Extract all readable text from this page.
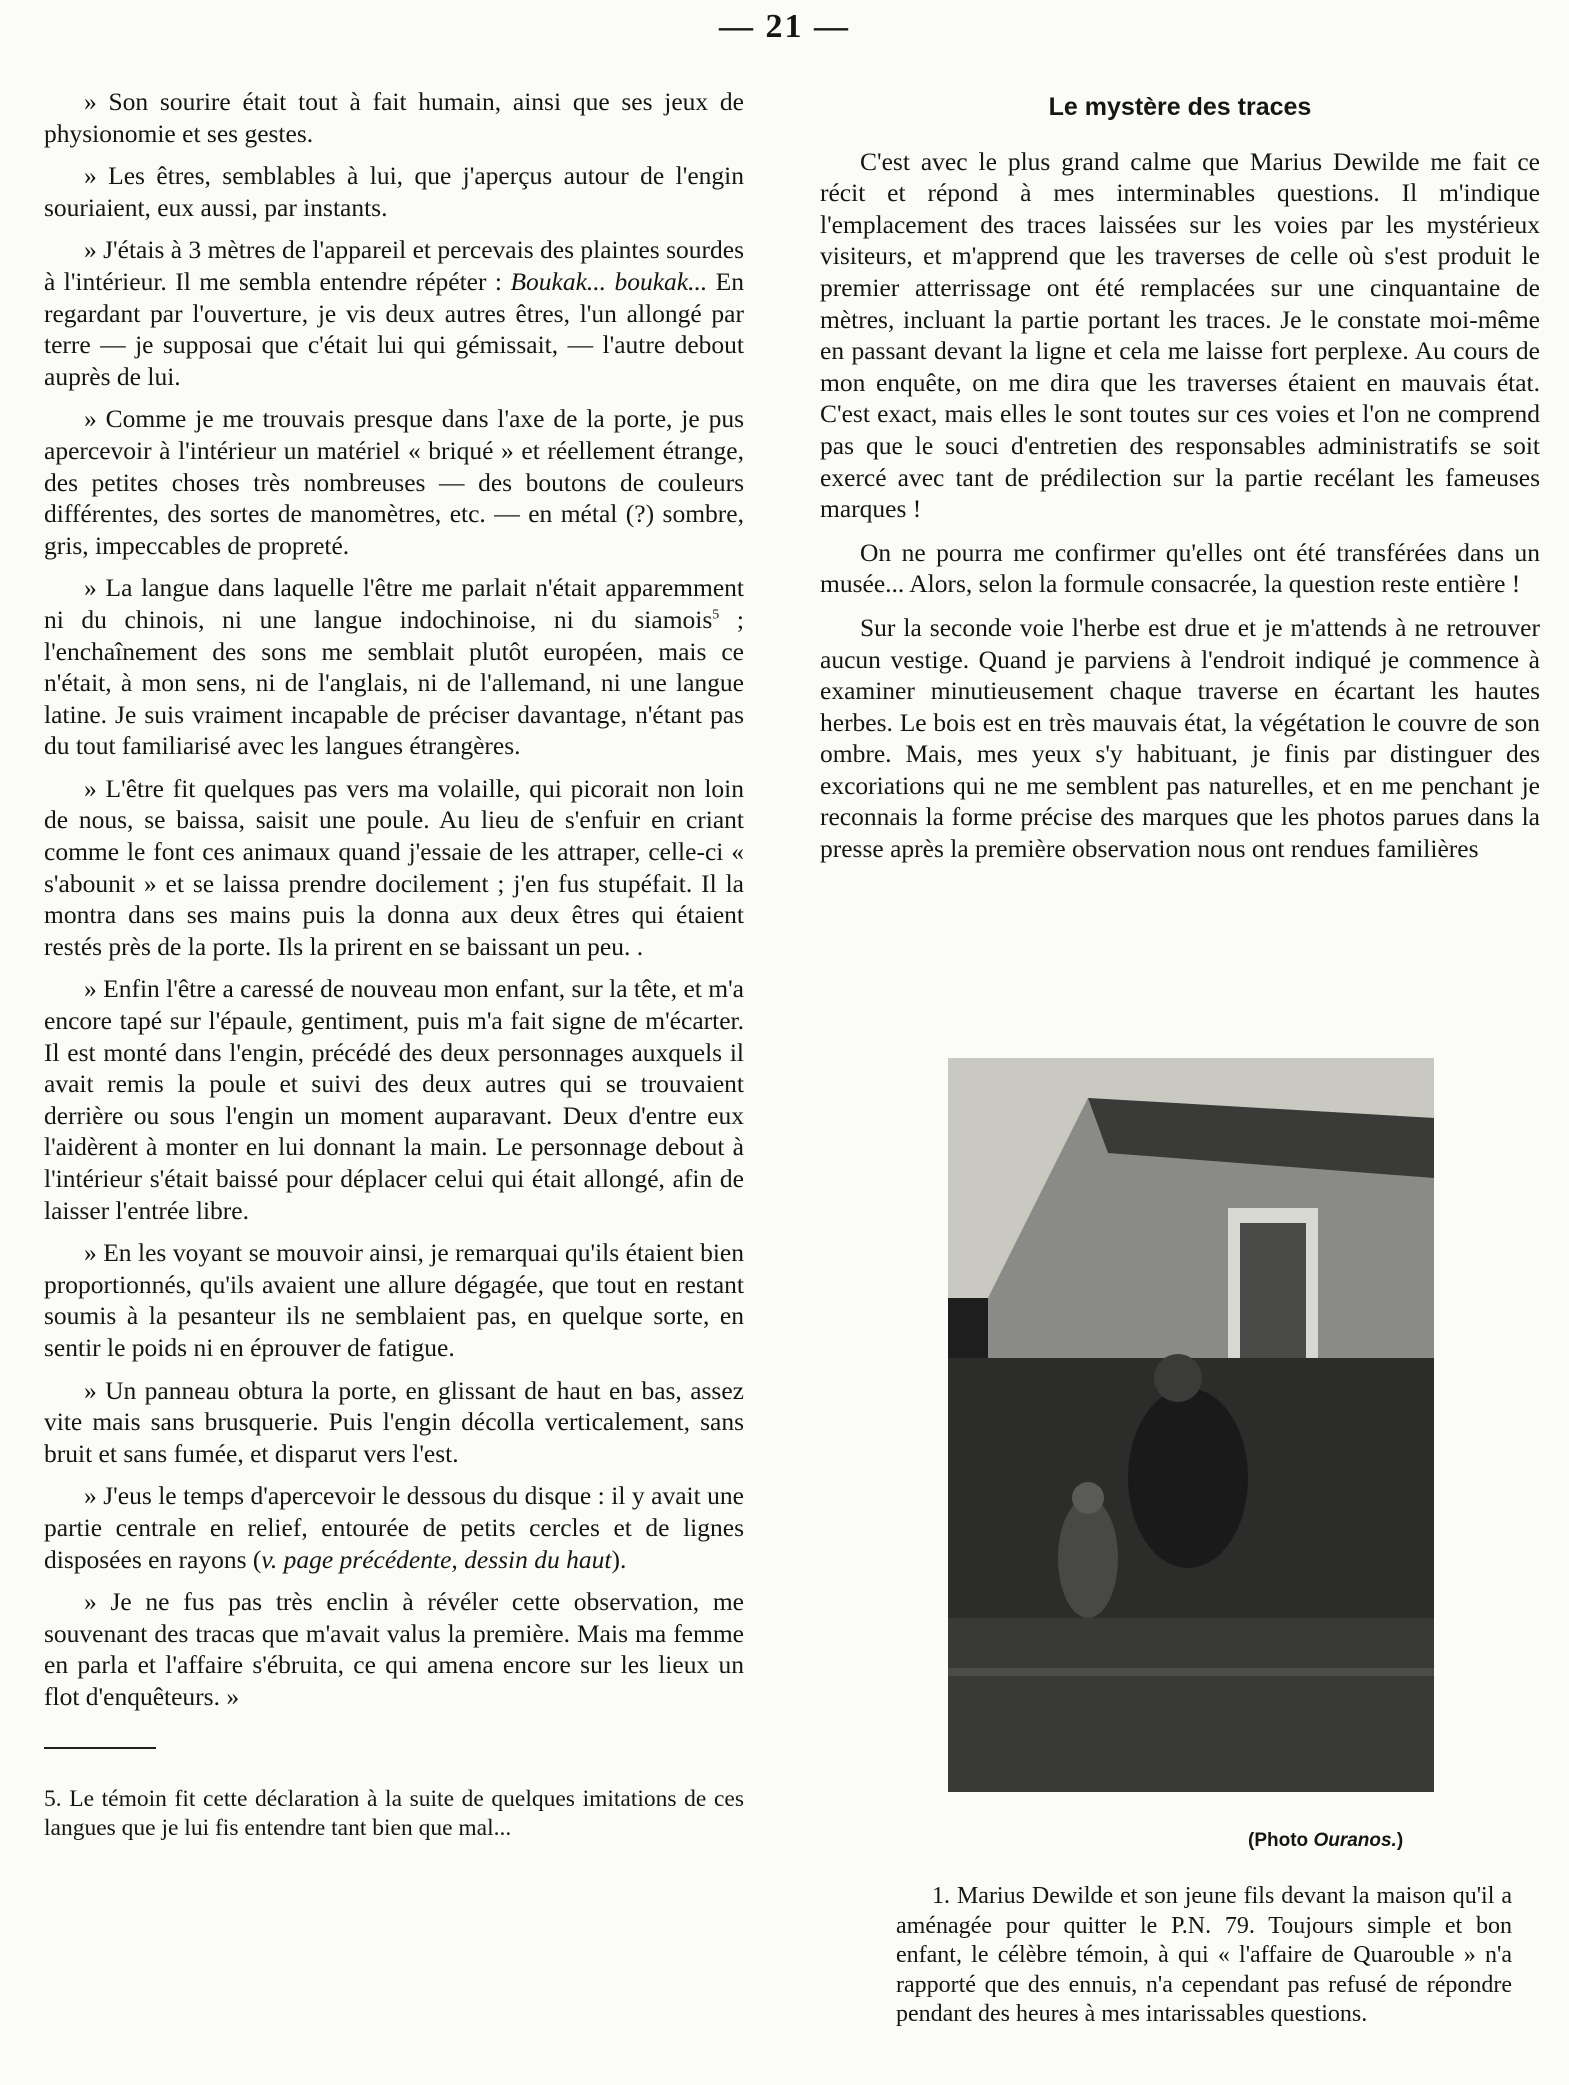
— 21 —

» Son sourire était tout à fait humain, ainsi que ses jeux de physionomie et ses gestes.

» Les êtres, semblables à lui, que j'aperçus autour de l'engin souriaient, eux aussi, par instants.

» J'étais à 3 mètres de l'appareil et percevais des plaintes sourdes à l'intérieur. Il me sembla entendre répéter : Boukak... boukak... En regardant par l'ouverture, je vis deux autres êtres, l'un allongé par terre — je supposai que c'était lui qui gémissait, — l'autre debout auprès de lui.

» Comme je me trouvais presque dans l'axe de la porte, je pus apercevoir à l'intérieur un matériel « briqué » et réellement étrange, des petites choses très nombreuses — des boutons de couleurs différentes, des sortes de manomètres, etc. — en métal (?) sombre, gris, impeccables de propreté.

» La langue dans laquelle l'être me parlait n'était apparemment ni du chinois, ni une langue indochinoise, ni du siamois$^5$ ; l'enchaînement des sons me semblait plutôt européen, mais ce n'était, à mon sens, ni de l'anglais, ni de l'allemand, ni une langue latine. Je suis vraiment incapable de préciser davantage, n'étant pas du tout familiarisé avec les langues étrangères.

» L'être fit quelques pas vers ma volaille, qui picorait non loin de nous, se baissa, saisit une poule. Au lieu de s'enfuir en criant comme le font ces animaux quand j'essaie de les attraper, celle-ci « s'abounit » et se laissa prendre docilement ; j'en fus stupéfait. Il la montra dans ses mains puis la donna aux deux êtres qui étaient restés près de la porte. Ils la prirent en se baissant un peu. .

» Enfin l'être a caressé de nouveau mon enfant, sur la tête, et m'a encore tapé sur l'épaule, gentiment, puis m'a fait signe de m'écarter. Il est monté dans l'engin, précédé des deux personnages auxquels il avait remis la poule et suivi des deux autres qui se trouvaient derrière ou sous l'engin un moment auparavant. Deux d'entre eux l'aidèrent à monter en lui donnant la main. Le personnage debout à l'intérieur s'était baissé pour déplacer celui qui était allongé, afin de laisser l'entrée libre.

» En les voyant se mouvoir ainsi, je remarquai qu'ils étaient bien proportionnés, qu'ils avaient une allure dégagée, que tout en restant soumis à la pesanteur ils ne semblaient pas, en quelque sorte, en sentir le poids ni en éprouver de fatigue.

» Un panneau obtura la porte, en glissant de haut en bas, assez vite mais sans brusquerie. Puis l'engin décolla verticalement, sans bruit et sans fumée, et disparut vers l'est.

» J'eus le temps d'apercevoir le dessous du disque : il y avait une partie centrale en relief, entourée de petits cercles et de lignes disposées en rayons (v. page précédente, dessin du haut).

» Je ne fus pas très enclin à révéler cette observation, me souvenant des tracas que m'avait valus la première. Mais ma femme en parla et l'affaire s'ébruita, ce qui amena encore sur les lieux un flot d'enquêteurs. »

5. Le témoin fit cette déclaration à la suite de quelques imitations de ces langues que je lui fis entendre tant bien que mal...

Le mystère des traces

C'est avec le plus grand calme que Marius Dewilde me fait ce récit et répond à mes interminables questions. Il m'indique l'emplacement des traces laissées sur les voies par les mystérieux visiteurs, et m'apprend que les traverses de celle où s'est produit le premier atterrissage ont été remplacées sur une cinquantaine de mètres, incluant la partie portant les traces. Je le constate moi-même en passant devant la ligne et cela me laisse fort perplexe. Au cours de mon enquête, on me dira que les traverses étaient en mauvais état. C'est exact, mais elles le sont toutes sur ces voies et l'on ne comprend pas que le souci d'entretien des responsables administratifs se soit exercé avec tant de prédilection sur la partie recélant les fameuses marques !

On ne pourra me confirmer qu'elles ont été transférées dans un musée... Alors, selon la formule consacrée, la question reste entière !

Sur la seconde voie l'herbe est drue et je m'attends à ne retrouver aucun vestige. Quand je parviens à l'endroit indiqué je commence à examiner minutieusement chaque traverse en écartant les hautes herbes. Le bois est en très mauvais état, la végétation le couvre de son ombre. Mais, mes yeux s'y habituant, je finis par distinguer des excoriations qui ne me semblent pas naturelles, et en me penchant je reconnais la forme précise des marques que les photos parues dans la presse après la première observation nous ont rendues familières

(Photo Ouranos.)

1. Marius Dewilde et son jeune fils devant la maison qu'il a aménagée pour quitter le P.N. 79. Toujours simple et bon enfant, le célèbre témoin, à qui « l'affaire de Quarouble » n'a rapporté que des ennuis, n'a cependant pas refusé de répondre pendant des heures à mes intarissables questions.
